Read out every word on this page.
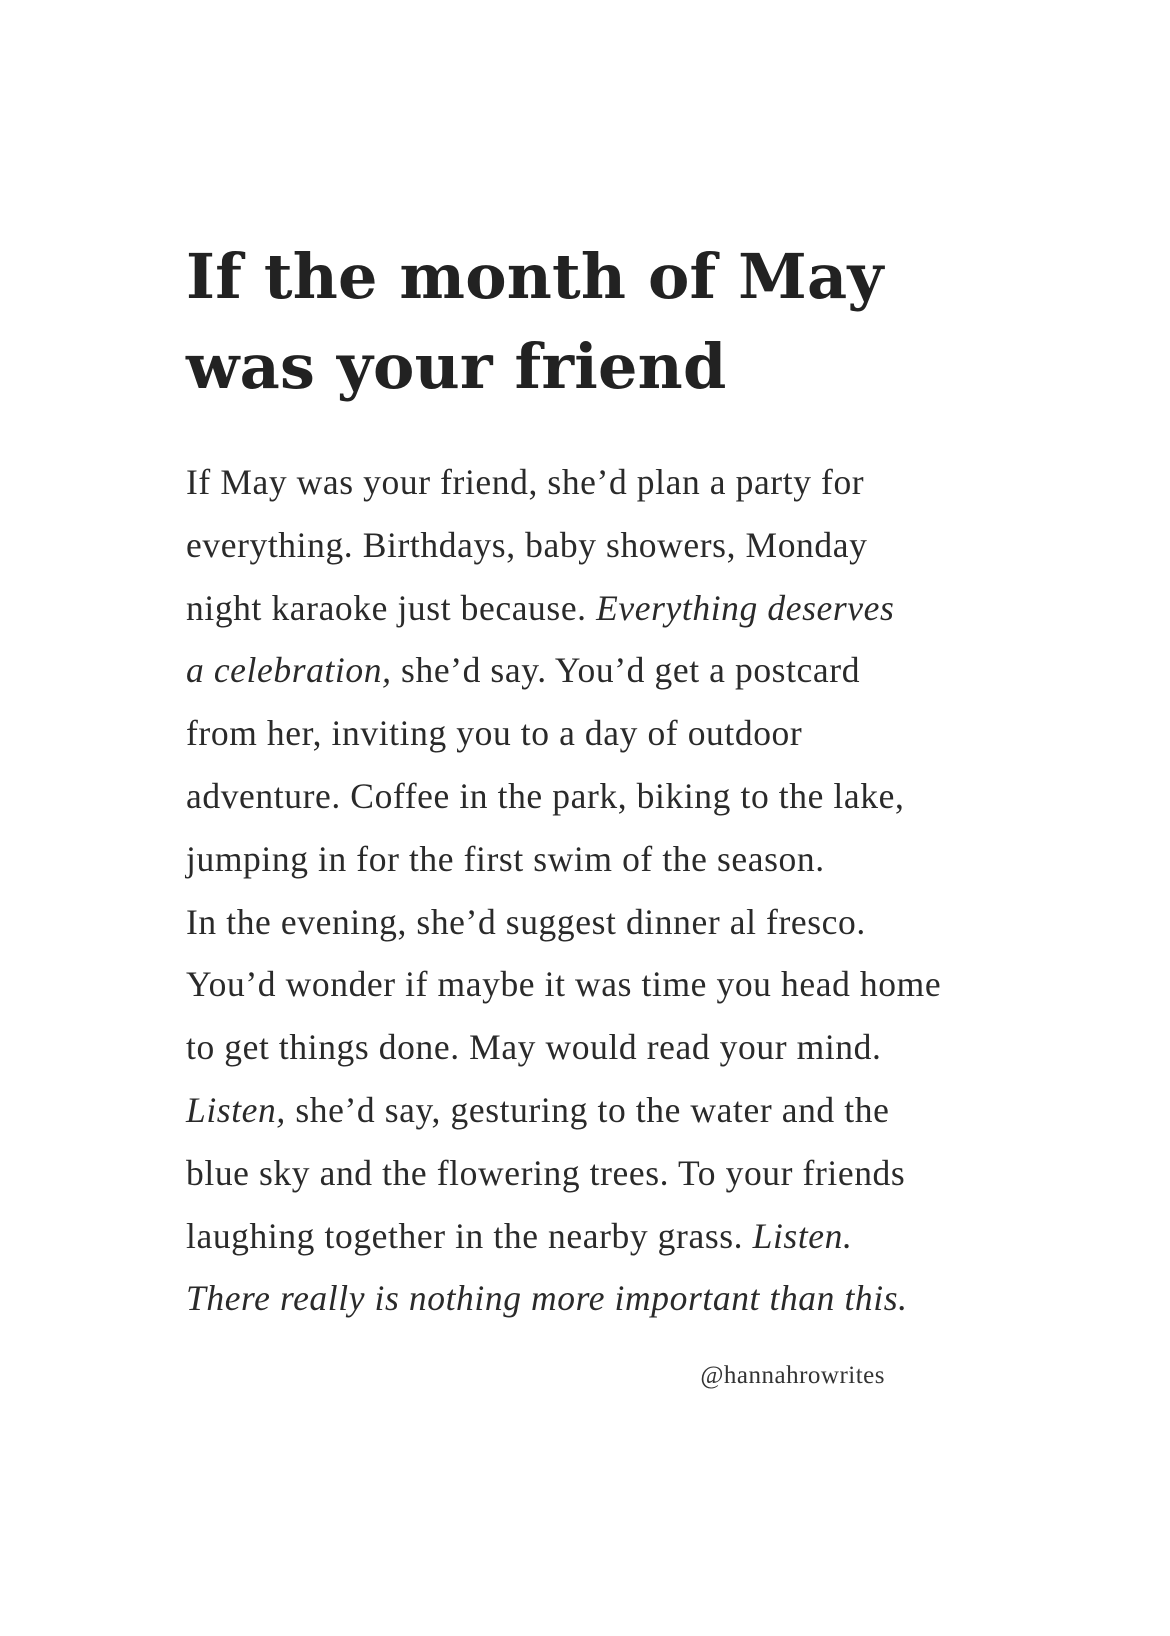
If the month of May
was your friend
If May was your friend, she’d plan a party for
everything. Birthdays, baby showers, Monday
night karaoke just because. Everything deserves
a celebration, she’d say. You’d get a postcard
from her, inviting you to a day of outdoor
adventure. Coffee in the park, biking to the lake,
jumping in for the first swim of the season.
In the evening, she’d suggest dinner al fresco.
You’d wonder if maybe it was time you head home
to get things done. May would read your mind.
Listen, she’d say, gesturing to the water and the
blue sky and the flowering trees. To your friends
laughing together in the nearby grass. Listen.
There really is nothing more important than this.
@hannahrowrites
